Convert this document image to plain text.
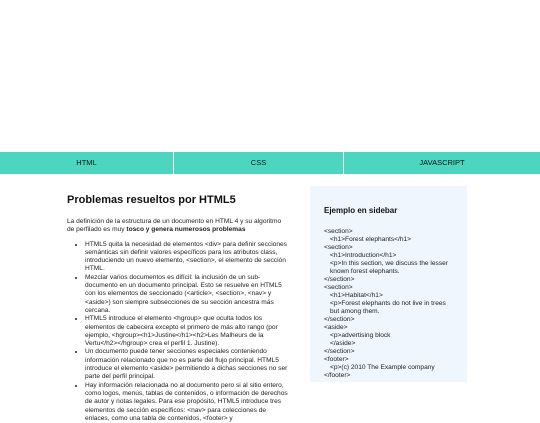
HTML	CSS	JAVASCRIPT
Problemas resueltos por HTML5

La definición de la estructura de un documento en HTML 4 y su algoritmo de perfilado es muy tosco y genera numerosos problemas

• HTML5 quita la necesidad de elementos <div> para definir secciones semánticas sin definir valores específicos para los atributos class, introduciendo un nuevo elemento, <section>, el elemento de sección HTML.
• Mezclar varios documentos es difícil: la inclusión de un sub-documento en un documento principal. Esto se resuelve en HTML5 con los elementos de seccionado (<article>, <section>, <nav> y <aside>) son siempre subsecciones de su sección ancestra más cercana.
• HTML5 introduce el elemento <hgroup> que oculta todos los elementos de cabecera excepto el primero de más alto rango (por ejemplo, <hgroup><h1>Justine</h1><h2>Les Malheurs de la Vertu</h2></hgroup> crea el perfil 1. Justine).
• Un documento puede tener secciones especiales conteniendo información relacionado que no es parte del flujo principal. HTML5 introduce el elemento <aside> permitiendo a dichas secciones no ser parte del perfil principal.
• Hay información relacionada no al documento pero si al sitio entero, como logos, menús, tablas de contenidos, o información de derechos de autor y notas legales. Para ese propósito, HTML5 introduce tres elementos de sección específicos: <nav> para colecciones de enlaces, como una tabla de contenidos, <footer> y
Ejemplo en sidebar
<section>
<h1>Forest elephants</h1>
<section>
<h1>Introduction</h1>
<p>In this section, we discuss the lesser known forest elephants.
</section>
<section>
<h1>Habitat</h1>
<p>Forest elephants do not live in trees but among them.
</section>
<aside>
<p>advertising block
</aside>
</section>
<footer>
<p>(c) 2010 The Example company
</footer>
